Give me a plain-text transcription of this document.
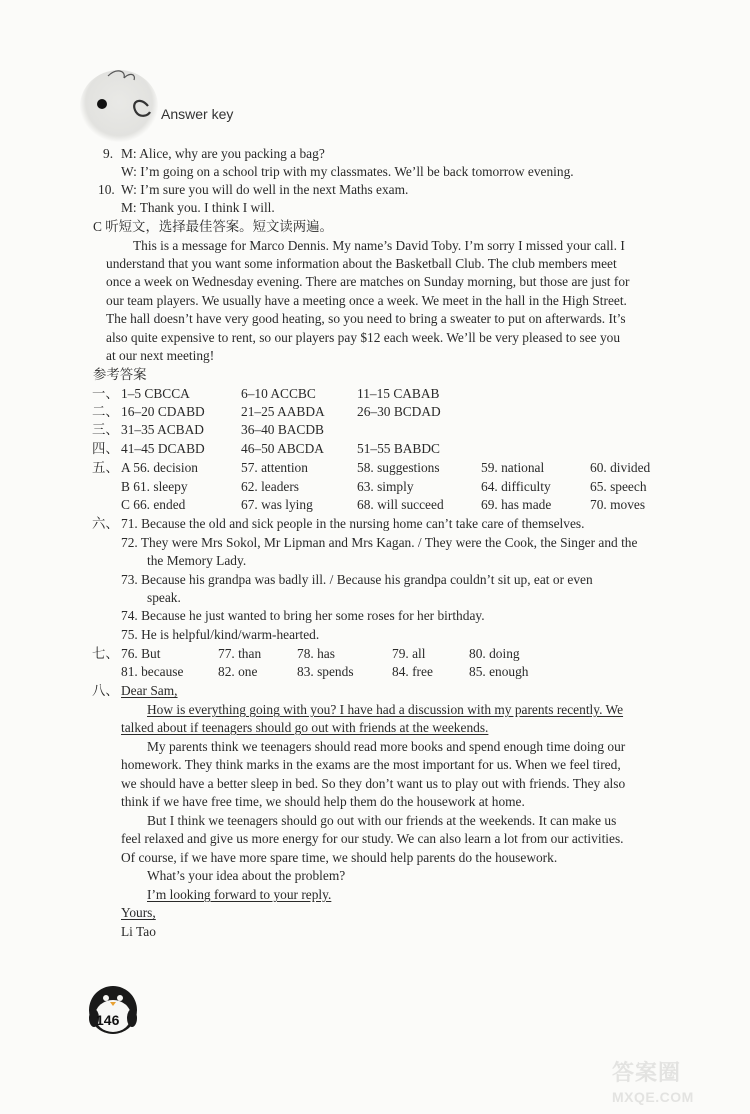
Answer key
9. M: Alice, why are you packing a bag?
W: I’m going on a school trip with my classmates. We’ll be back tomorrow evening.
10. W: I’m sure you will do well in the next Maths exam.
M: Thank you. I think I will.
C 听短文，选择最佳答案。短文读两遍。
This is a message for Marco Dennis. My name’s David Toby. I’m sorry I missed your call. I
understand that you want some information about the Basketball Club. The club members meet
once a week on Wednesday evening. There are matches on Sunday morning, but those are just for
our team players. We usually have a meeting once a week. We meet in the hall in the High Street.
The hall doesn’t have very good heating, so you need to bring a sweater to put on afterwards. It’s
also quite expensive to rent, so our players pay $12 each week. We’ll be very pleased to see you
at our next meeting!
参考答案
一、 1–5 CBCCA	6–10 ACCBC	11–15 CABAB
二、 16–20 CDABD	21–25 AABDA 26–30 BCDAD
三、 31–35 ACBAD	36–40 BACDB
四、 41–45 DCABD	46–50 ABCDA 51–55 BABDC
五、 A 56. decision	57. attention	58. suggestions	59. national	60. divided
B 61. sleepy	62. leaders	63. simply	64. difficulty	65. speech
C 66. ended	67. was lying	68. will succeed	69. has made	70. moves
六、 71. Because the old and sick people in the nursing home can’t take care of themselves.
72. They were Mrs Sokol, Mr Lipman and Mrs Kagan. / They were the Cook, the Singer and the
the Memory Lady.
73. Because his grandpa was badly ill. / Because his grandpa couldn’t sit up, eat or even
speak.
74. Because he just wanted to bring her some roses for her birthday.
75. He is helpful/kind/warm-hearted.
七、 76. But	77. than	78. has	79. all	80. doing
81. because	82. one	83. spends	84. free	85. enough
八、 Dear Sam,
How is everything going with you? I have had a discussion with my parents recently. We
talked about if teenagers should go out with friends at the weekends.
My parents think we teenagers should read more books and spend enough time doing our
homework. They think marks in the exams are the most important for us. When we feel tired,
we should have a better sleep in bed. So they don’t want us to play out with friends. They also
think if we have free time, we should help them do the housework at home.
But I think we teenagers should go out with our friends at the weekends. It can make us
feel relaxed and give us more energy for our study. We can also learn a lot from our activities.
Of course, if we have more spare time, we should help parents do the housework.
What’s your idea about the problem?
I’m looking forward to your reply.
Yours,
Li Tao
146
答案圈
MXQE.COM
